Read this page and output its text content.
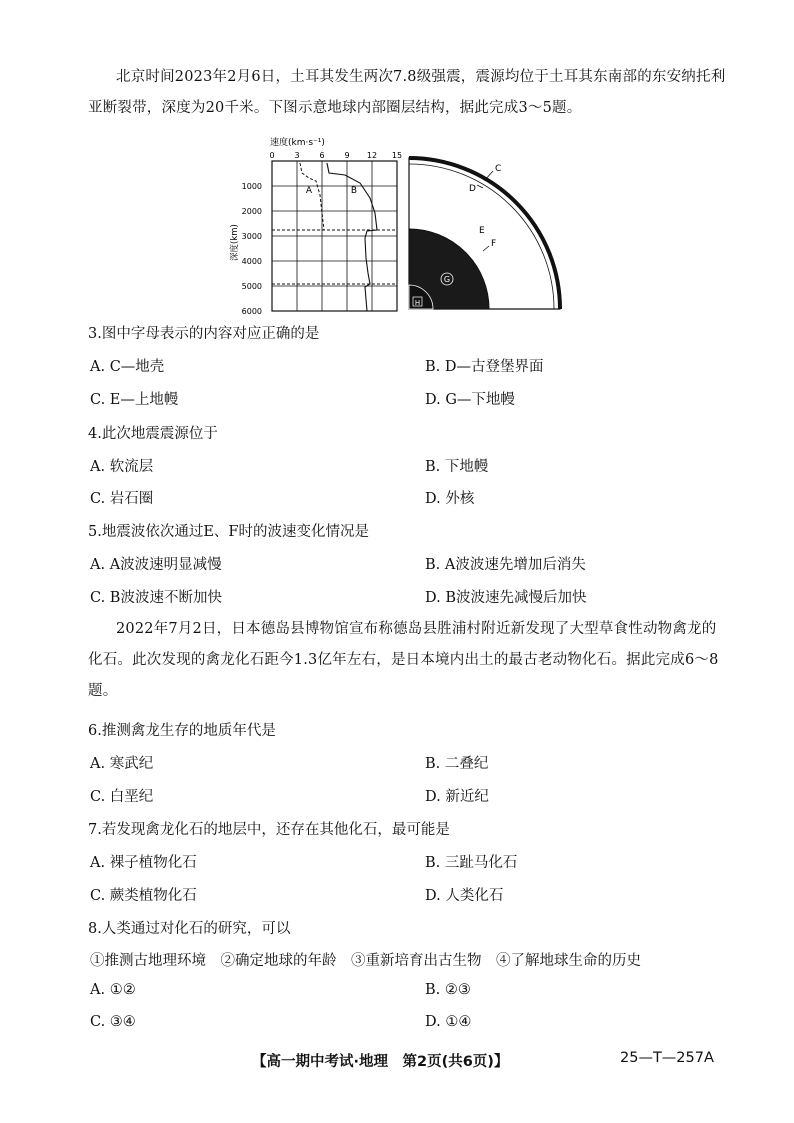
北京时间2023年2月6日，土耳其发生两次7.8级强震，震源均位于土耳其东南部的东安纳托利亚断裂带，深度为20千米。下图示意地球内部圈层结构，据此完成3～5题。

速度(km·s⁻¹)
0 3 6 9 12 15
1000
2000
3000
4000
5000
6000
深度(km)
A	B
C
D
E
F
G
H

3.图中字母表示的内容对应正确的是

A. C—地壳	B. D—古登堡界面

C. E—上地幔	D. G—下地幔

4.此次地震震源位于

A. 软流层	B. 下地幔

C. 岩石圈	D. 外核

5.地震波依次通过E、F时的波速变化情况是

A. A波波速明显减慢	B. A波波速先增加后消失

C. B波波速不断加快	D. B波波速先减慢后加快

2022年7月2日，日本德岛县博物馆宣布称德岛县胜浦村附近新发现了大型草食性动物禽龙的化石。此次发现的禽龙化石距今1.3亿年左右，是日本境内出土的最古老动物化石。据此完成6～8题。

6.推测禽龙生存的地质年代是

A. 寒武纪	B. 二叠纪

C. 白垩纪	D. 新近纪

7.若发现禽龙化石的地层中，还存在其他化石，最可能是

A. 裸子植物化石	B. 三趾马化石

C. 蕨类植物化石	D. 人类化石

8.人类通过对化石的研究，可以

①推测古地理环境　②确定地球的年龄　③重新培育出古生物　④了解地球生命的历史

A. ①②	B. ②③

C. ③④	D. ①④

【高一期中考试·地理　第2页(共6页)】	25—T—257A
